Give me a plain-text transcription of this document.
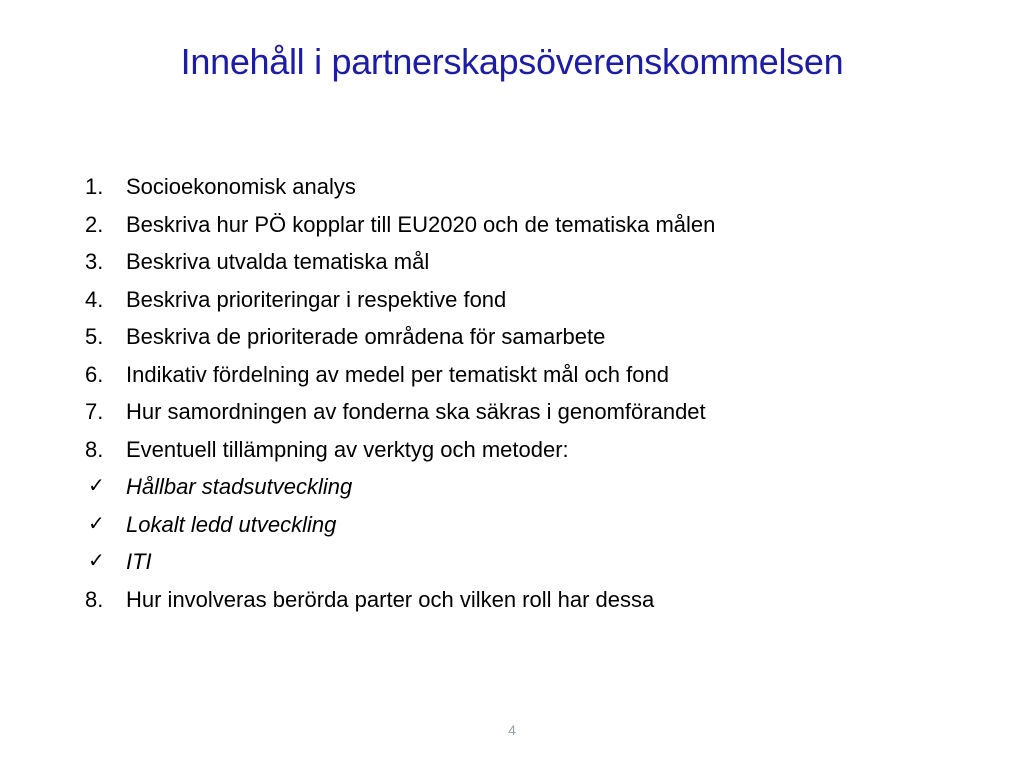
Innehåll i partnerskapsöverenskommelsen
1.	Socioekonomisk analys
2.	Beskriva hur PÖ kopplar till EU2020 och de tematiska målen
3.	Beskriva utvalda tematiska mål
4.	Beskriva prioriteringar i respektive fond
5.	Beskriva de prioriterade områdena för samarbete
6.	Indikativ fördelning av medel per tematiskt mål och fond
7.	Hur samordningen av fonderna ska säkras i genomförandet
8.	Eventuell tillämpning av verktyg och metoder:
✓ Hållbar stadsutveckling
✓ Lokalt ledd utveckling
✓ ITI
8.	Hur involveras berörda parter och vilken roll har dessa
4
